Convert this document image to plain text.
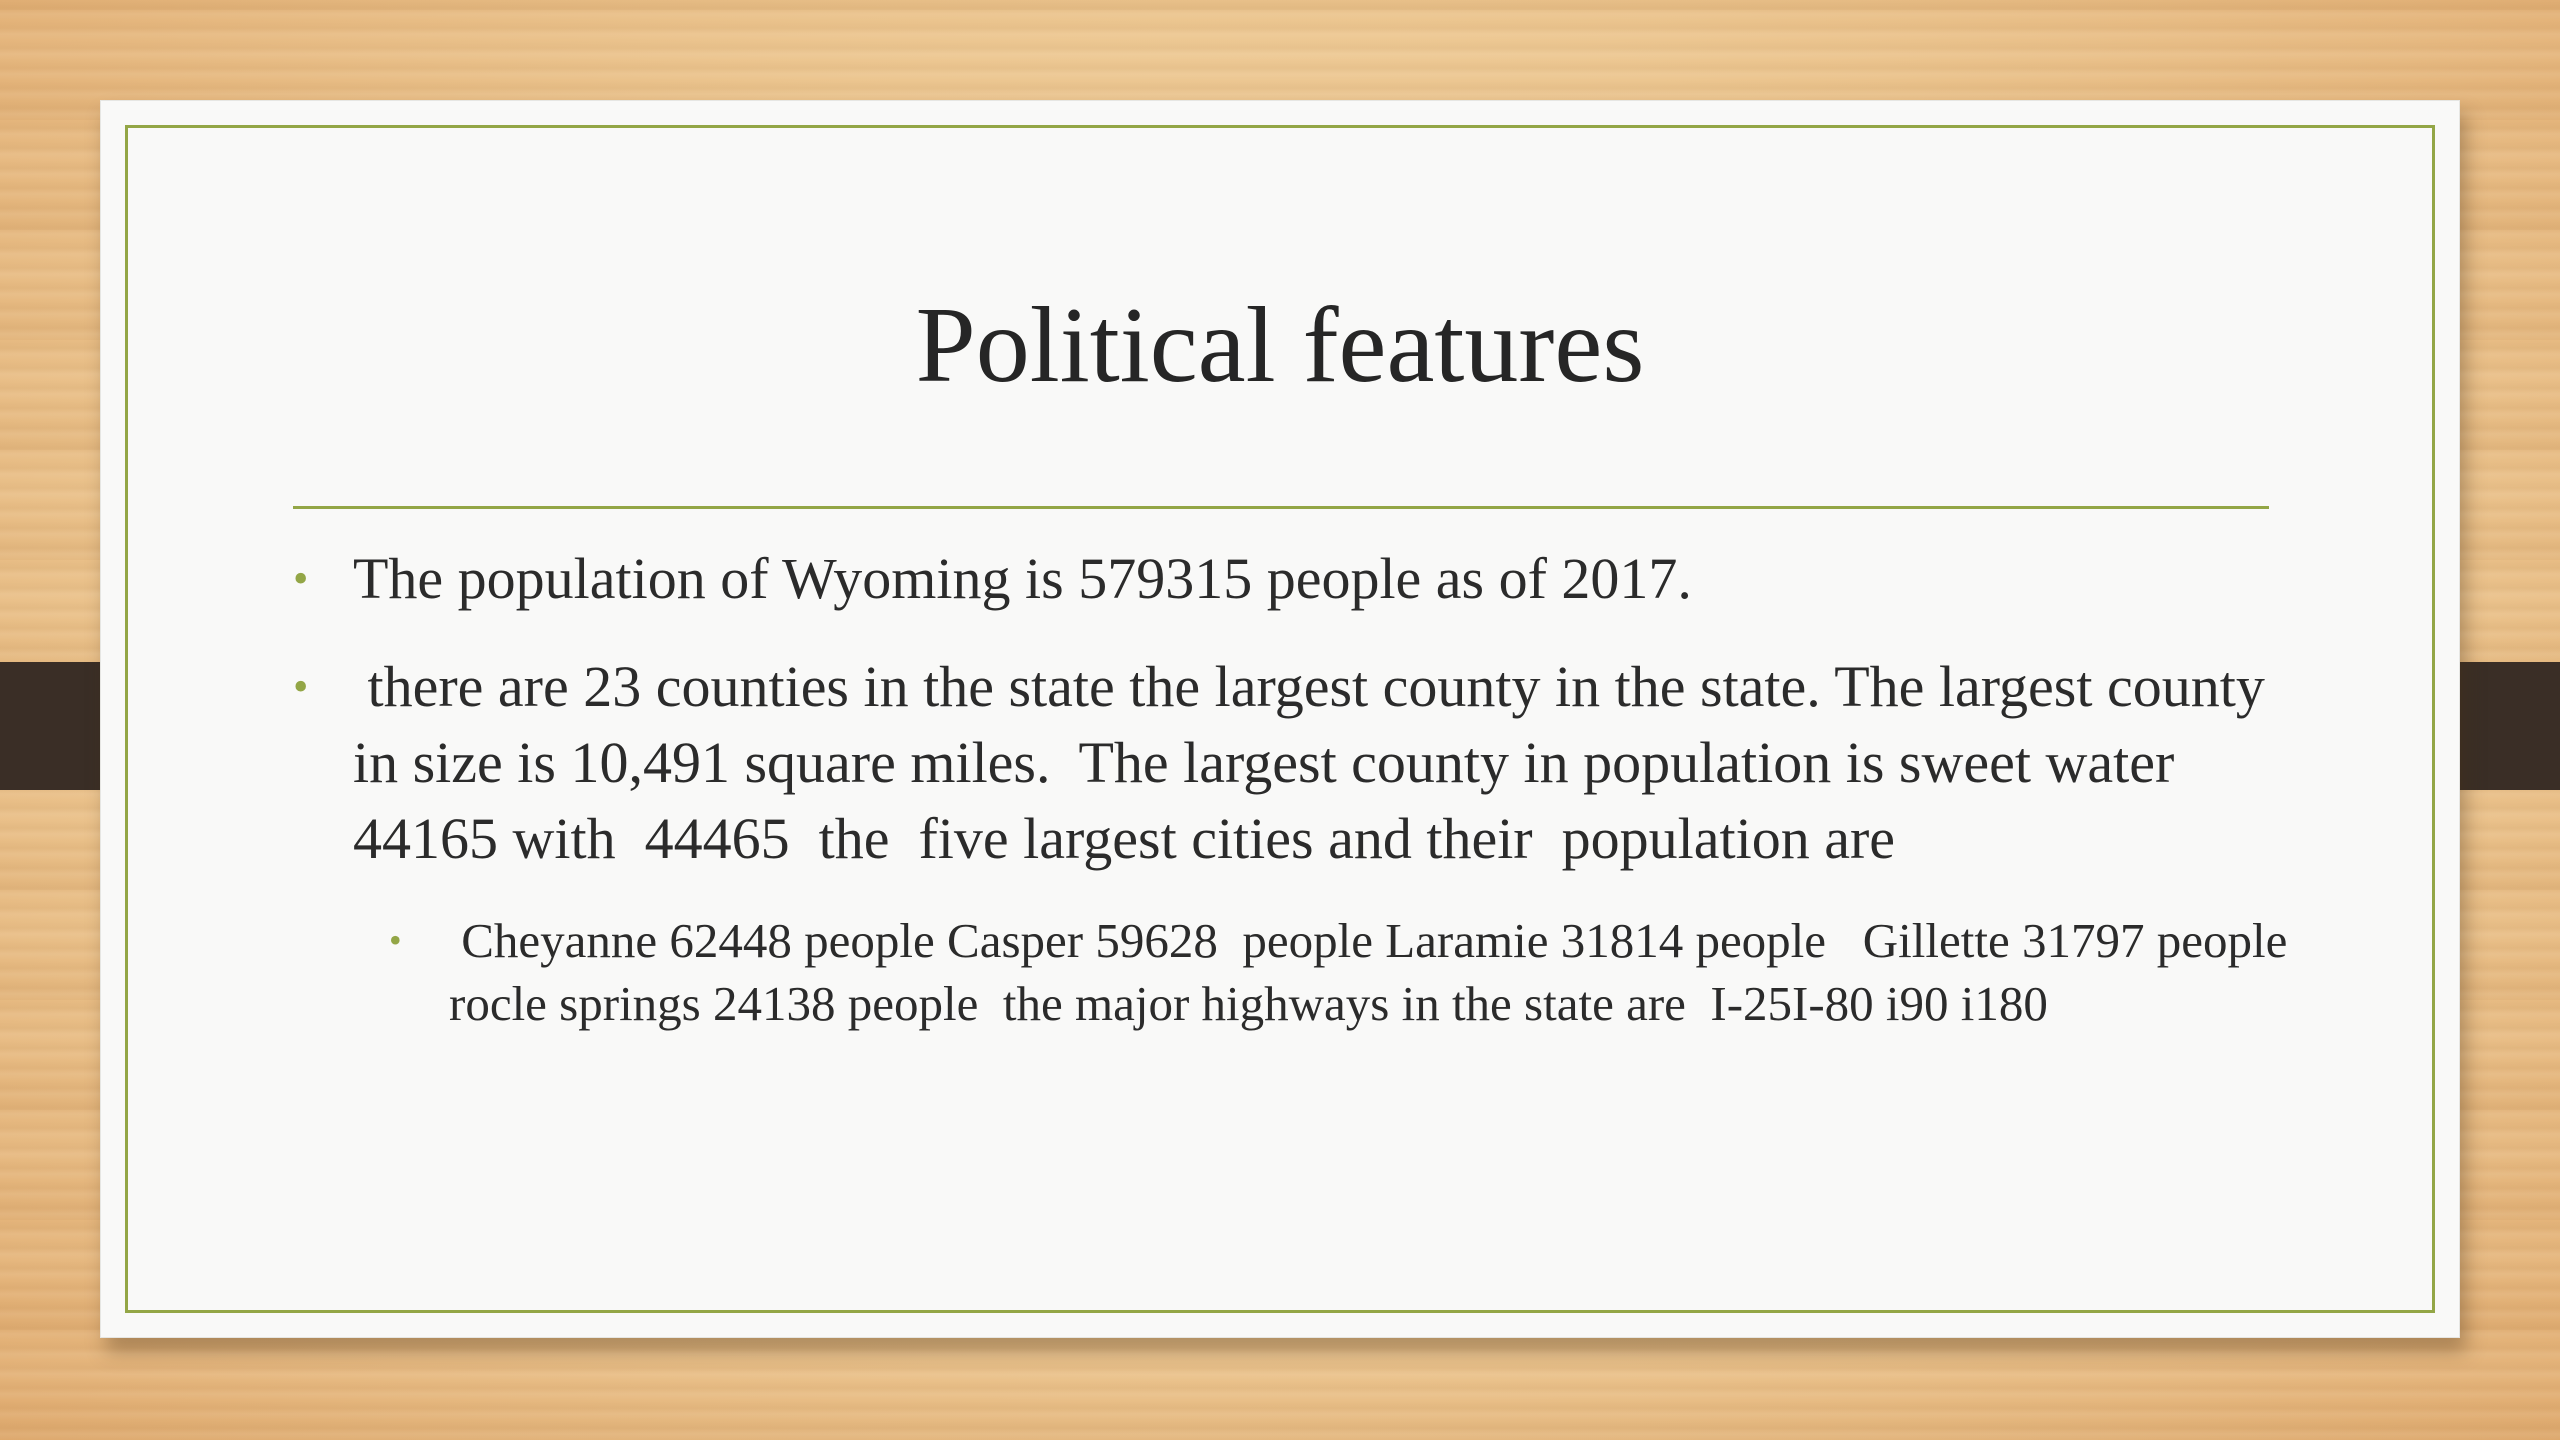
Political features
• The population of Wyoming is 579315 people as of 2017.
• there are 23 counties in the state the largest county in the state. The largest county in size is 10,491 square miles.  The largest county in population is sweet water 44165 with  44465  the  five largest cities and their  population are
• Cheyanne 62448 people Casper 59628  people Laramie 31814 people   Gillette 31797 people rocle springs 24138 people  the major highways in the state are  I-25I-80 i90 i180
